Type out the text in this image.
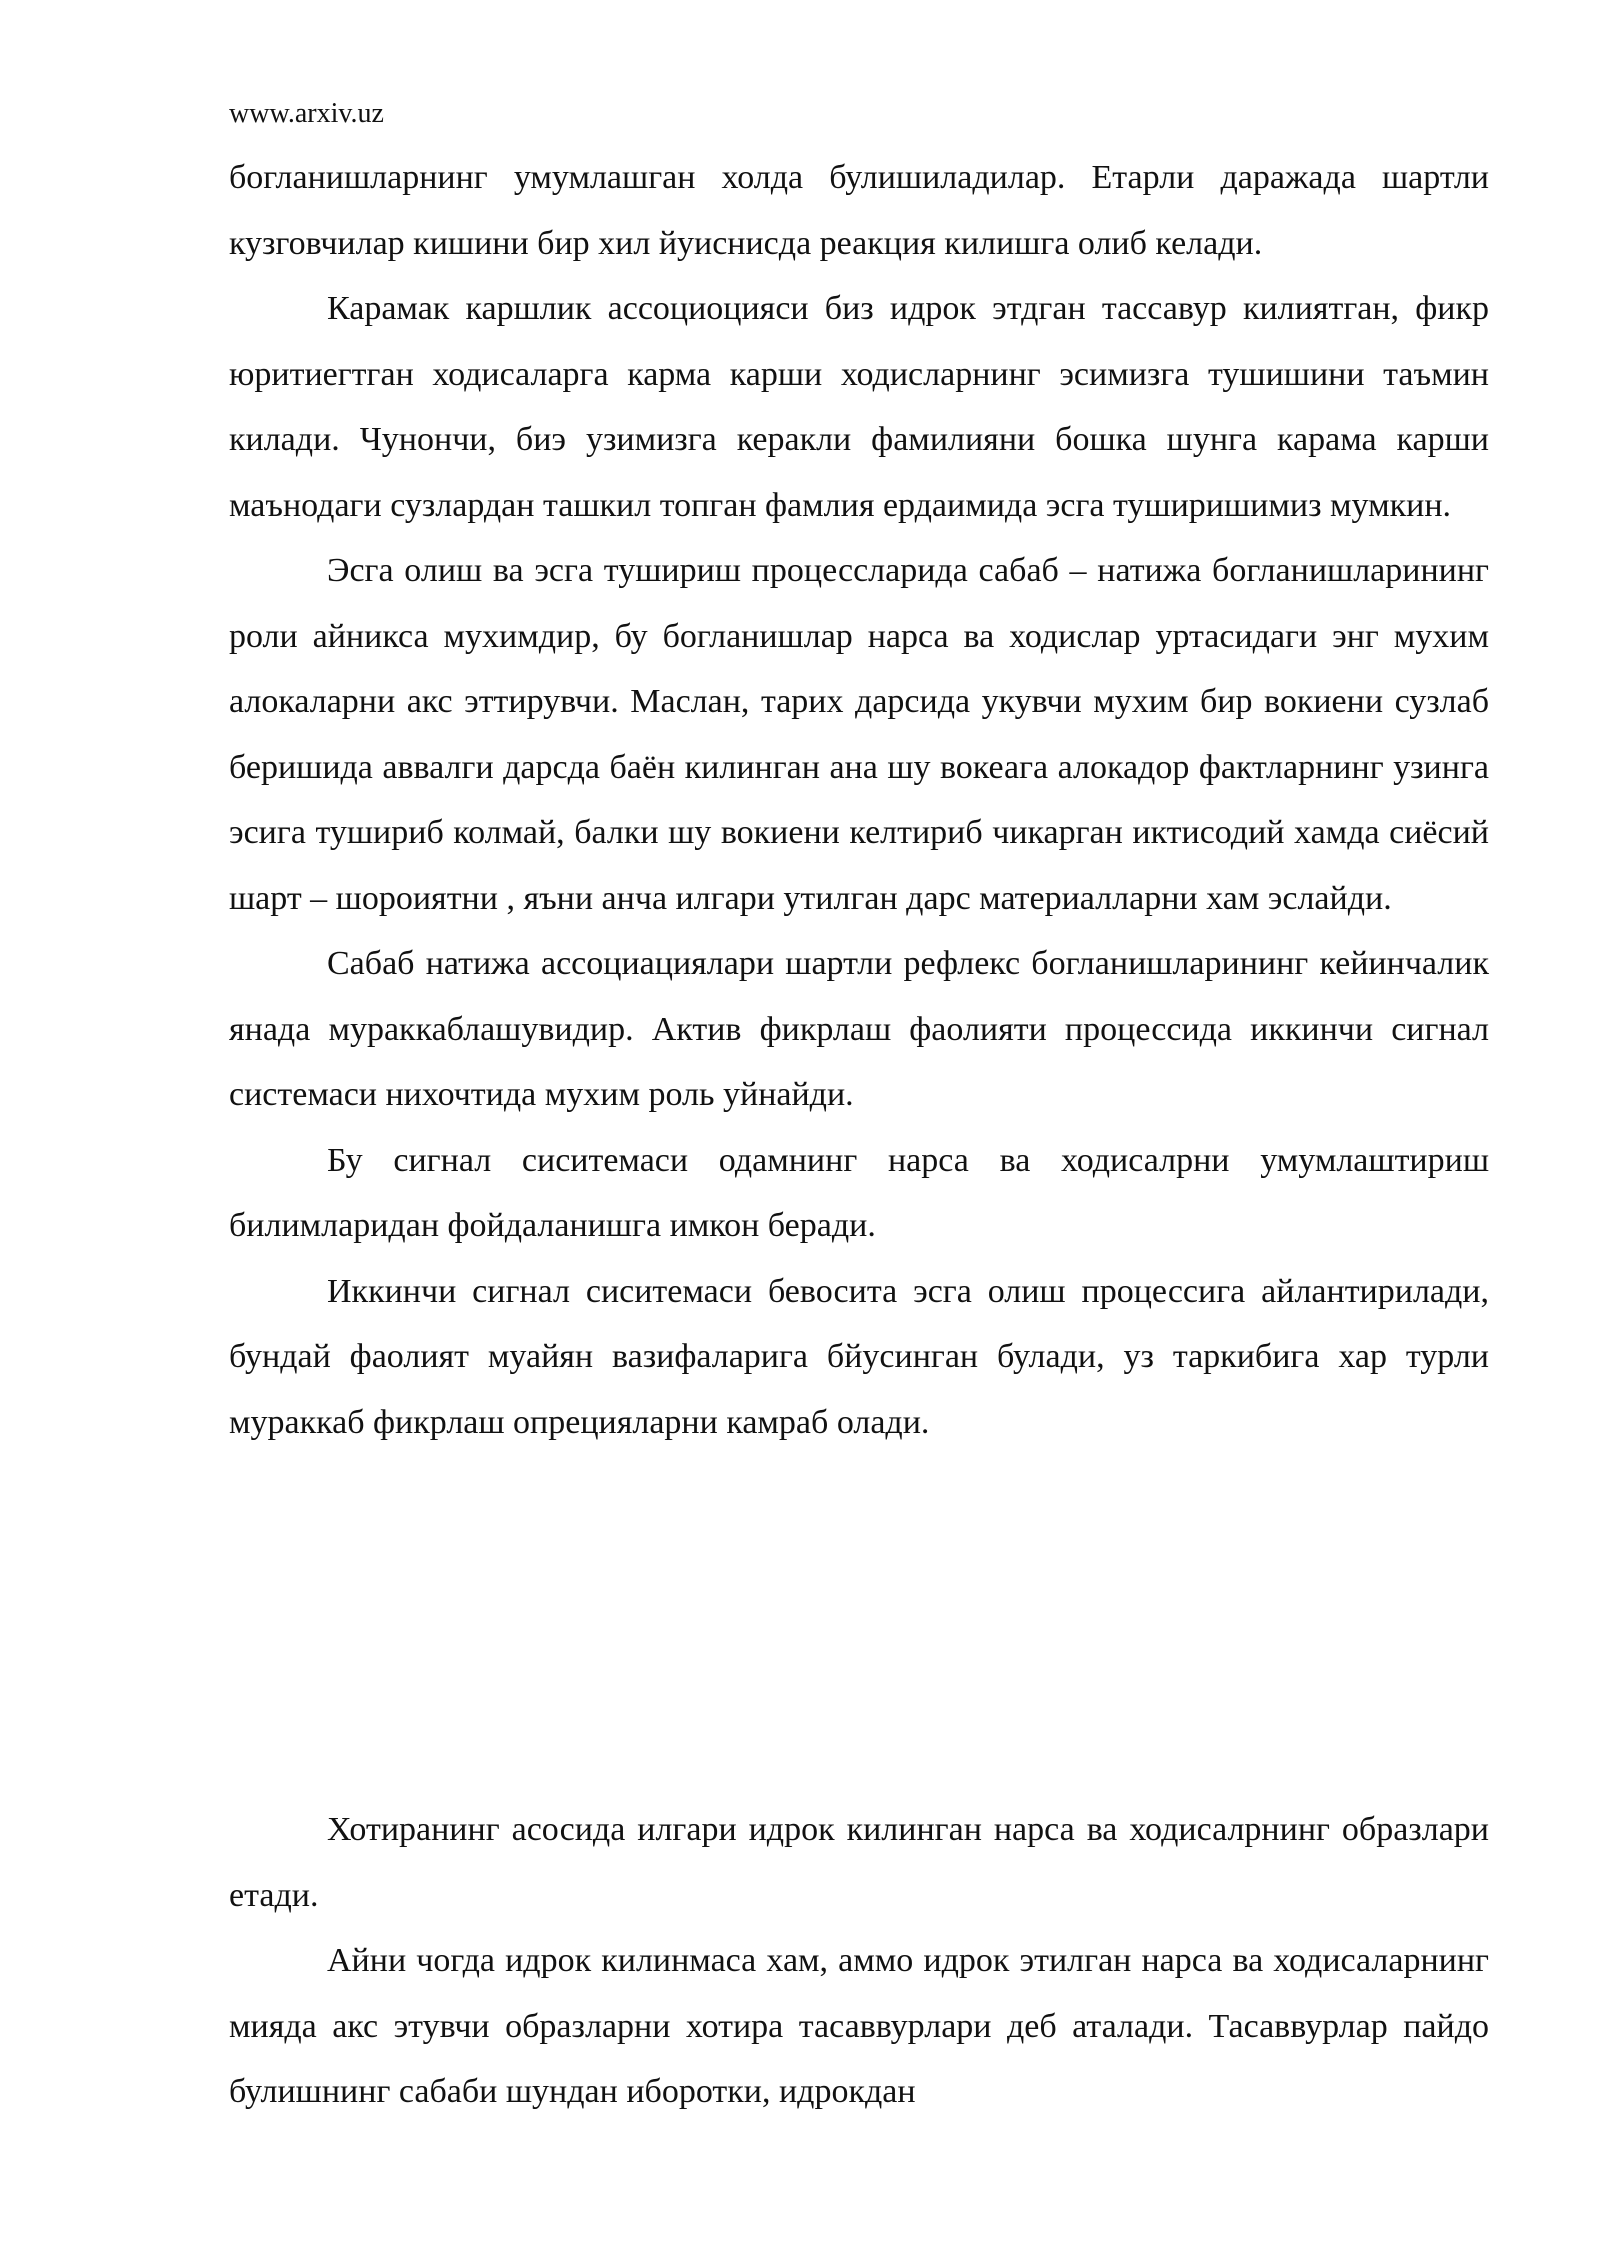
www.arxiv.uz

богланишларнинг умумлашган холда булишиладилар. Етарли даражада шартли кузговчилар кишини бир хил йуиснисда реакция килишга олиб келади.

Карамак каршлик ассоциоцияси биз идрок этдган тассавур килиятган, фикр юритиегтган ходисаларга карма карши ходисларнинг эсимизга тушишини таъмин килади. Чунончи, биэ узимизга кеpакли фамилияни бошка шунга карама карши маънодаги сузлардан ташкил топган фамлия ердаимида эсга туширишимиз мумкин.

Эсга олиш ва эсга тушириш процессларида сабаб – натижа богланишларининг роли айникса мухимдир, бу богланишлар нарса ва ходислар уртасидаги энг мухим алокаларни акс эттирувчи. Маслан, тарих дарсида укувчи мухим бир вокиени сузлаб беришида аввалги дарсда баён килинган ана шу вокеага алокадор фактларнинг узинга эсига тушириб колмай, балки шу вокиени келтириб чикарган иктисодий хамда сиёсий шарт – шороиятни , яъни анча илгари утилган дарс материалларни хам эслайди.

Сабаб натижа ассоциациялари шартли рефлекс богланишларининг кейинчалик янада мураккаблашувидир. Актив фикрлаш фаолияти процессида иккинчи сигнал системаси нихочтида мухим роль уйнайди.

Бу сигнал сиситемаси одамнинг нарса ва ходисалрни умумлаштириш билимларидан фойдаланишга имкон беради.

Иккинчи сигнал сиситемаси бевосита эсга олиш процессига айлантирилади, бундай фаолият муайян вазифаларига бйусинган булади, уз таркибига хар турли мураккаб фикрлаш опрецияларни камраб олади.

Хотиранинг асосида илгари идрок килинган нарса ва ходисалрнинг образлари етади.

Айни чогда идрок килинмаса хам, аммо идрок этилган нарса ва ходисаларнинг мияда акс этувчи образларни хотира тасаввурлари деб аталади. Тасаввурлар пайдо булишнинг сабаби шундан иборотки, идрокдан
